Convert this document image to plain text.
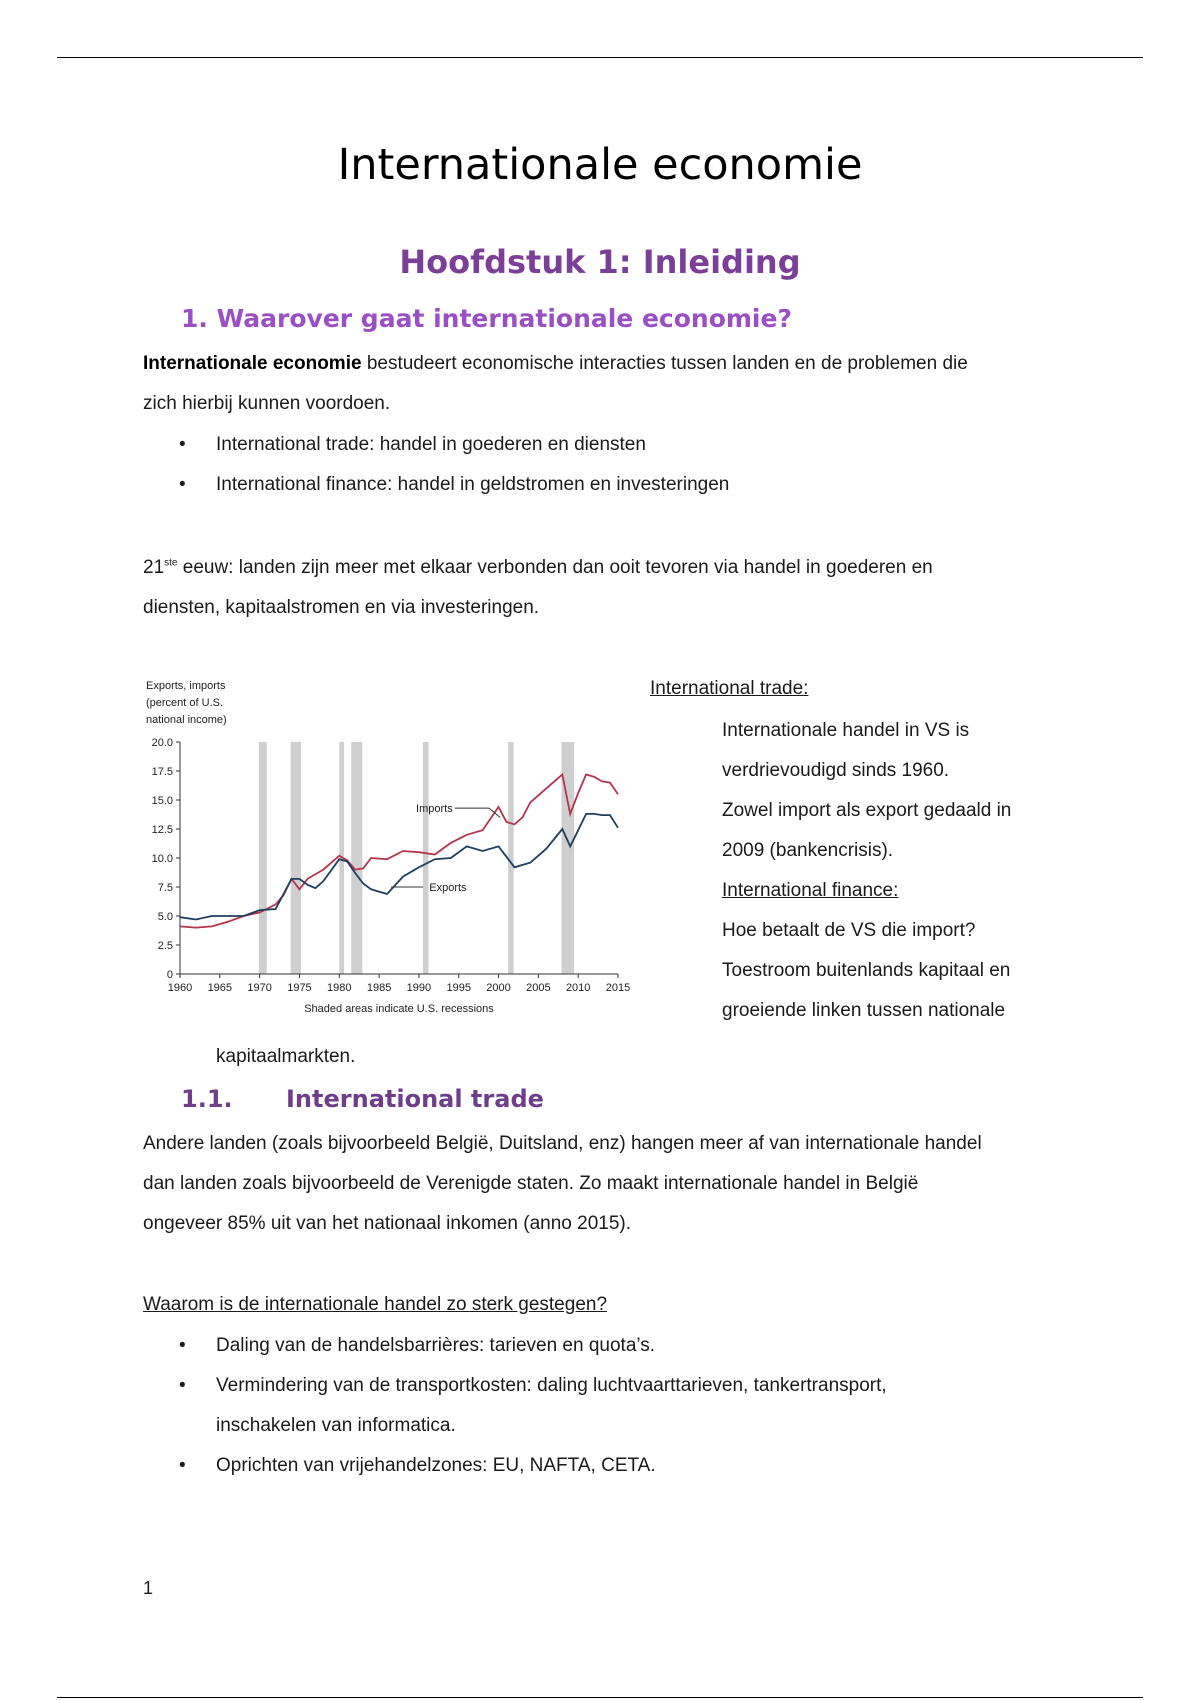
Internationale economie
Hoofdstuk 1: Inleiding
1. Waarover gaat internationale economie?

Internationale economie bestudeert economische interacties tussen landen en de problemen die
zich hierbij kunnen voordoen.

• International trade: handel in goederen en diensten
• International finance: handel in geldstromen en investeringen

21ste eeuw: landen zijn meer met elkaar verbonden dan ooit tevoren via handel in goederen en
diensten, kapitaalstromen en via investeringen.

0
2.5
5.0
7.5
10.0
12.5
15.0
17.5
20.0
1960 1965 1970 1975 1980 1985 1990 1995 2000 2005 2010 2015
Exports, imports
(percent of U.S.
national income)
Shaded areas indicate U.S. recessions
Imports
Exports

International trade:

Internationale handel in VS is
verdrievoudigd sinds 1960.
Zowel import als export gedaald in
2009 (bankencrisis).
International finance:
Hoe betaalt de VS die import?
Toestroom buitenlands kapitaal en
groeiende linken tussen nationale

kapitaalmarkten.

1.1. International trade

Andere landen (zoals bijvoorbeeld België, Duitsland, enz) hangen meer af van internationale handel
dan landen zoals bijvoorbeeld de Verenigde staten. Zo maakt internationale handel in België
ongeveer 85% uit van het nationaal inkomen (anno 2015).

Waarom is de internationale handel zo sterk gestegen?

• Daling van de handelsbarrières: tarieven en quota’s.
• Vermindering van de transportkosten: daling luchtvaarttarieven, tankertransport,
inschakelen van informatica.
• Oprichten van vrijehandelzones: EU, NAFTA, CETA.
1
